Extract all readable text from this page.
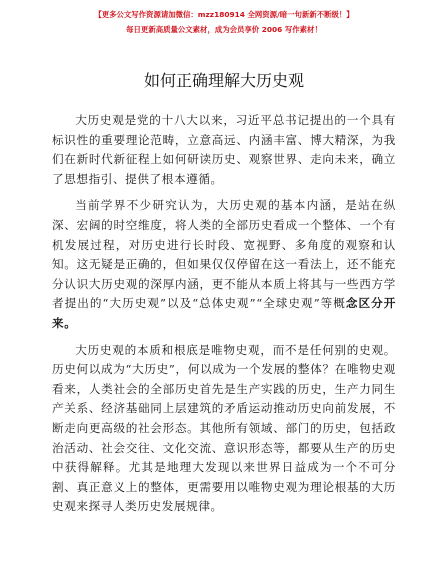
【更多公文写作资源请加微信：mzz180914 全网资源/暗一句新新不断级！】
每日更新高质量公文素材，成为会员享价 2006 写作素材！
如何正确理解大历史观

大历史观是党的十八大以来，习近平总书记提出的一个具有标识性的重要理论范畴，立意高远、内涵丰富、博大精深，为我们在新时代新征程上如何研读历史、观察世界、走向未来，确立了思想指引、提供了根本遵循。

当前学界不少研究认为，大历史观的基本内涵，是站在纵深、宏阔的时空维度，将人类的全部历史看成一个整体、一个有机发展过程，对历史进行长时段、宽视野、多角度的观察和认知。这无疑是正确的，但如果仅仅停留在这一看法上，还不能充分认识大历史观的深厚内涵，更不能从本质上将其与一些西方学者提出的“大历史观”以及“总体史观”“全球史观”等概念区分开来。

大历史观的本质和根底是唯物史观，而不是任何别的史观。历史何以成为“大历史”，何以成为一个发展的整体？在唯物史观看来，人类社会的全部历史首先是生产实践的历史，生产力同生产关系、经济基础同上层建筑的矛盾运动推动历史向前发展，不断走向更高级的社会形态。其他所有领域、部门的历史，包括政治活动、社会交往、文化交流、意识形态等，都要从生产的历史中获得解释。尤其是地理大发现以来世界日益成为一个不可分割、真正意义上的整体，更需要用以唯物史观为理论根基的大历史观来探寻人类历史发展规律。
